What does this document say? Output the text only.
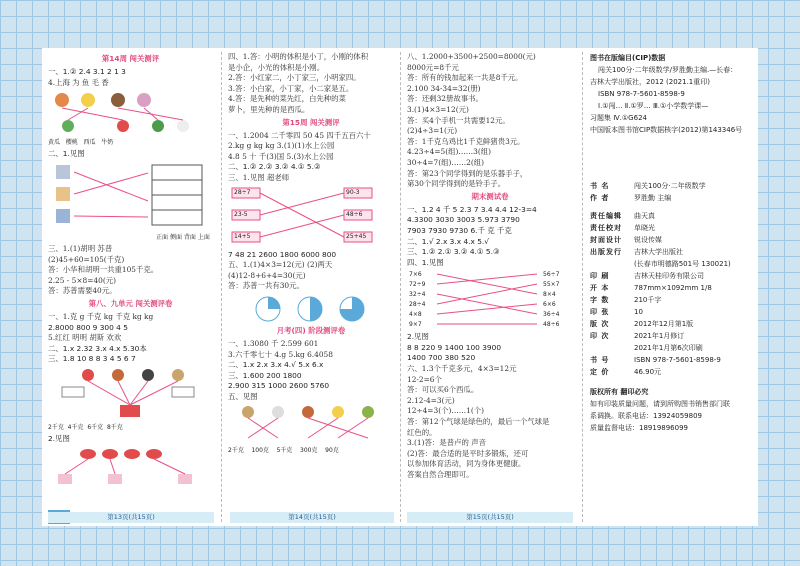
第14周 闯关测评
一、1.② 2.4 3.1 2 1 3
4.上海 为 鱼 毛 香
黄瓜 樱桃 西瓜 牛奶
二、1.见图
正面 侧面 背面 上面
三、1.(1)胡明 苏普
(2)45+60=105(千克)
答：小华和胡明一共重105千克。
2.25 - 5×8=40(元)
答：苏普需要40元。
第八、九单元 闯关测评卷
一、1.克 g 千克 kg 千克 kg kg
2.8000 800 9 300 4 5
5.红红 明明 胡斯 欢欢
二、1.x 2.32 3.x 4.x 5.30本
三、1.8 10 8 8 3 4 5 6 7
2千克 4千克 6千克 8千克
2.见图
四、1.答：小明的体积是小丁，小刚的体积
是小企，小光的体积是小刚。
2.答：小红家二，小丁家三，小明家四。
3.答：小白家，小丁家，小二家是五。
4.答：是先种的菜先红，白先种的菜
萝卜，里先种的是西瓜。
第15周 闯关测评
一、1.2004 二千零四 50 45 四千五百六十
2.kg g kg kg 3.(1)(1)水上公园
4.8 5 十 千(3)国 5.(3)水上公园
二、1.② 2.② 3.② 4.① 5.②
三、1.见图 超老师
28÷7
23-5
14+5
90-3
48÷6
25+45
7 48 21 2600 1800 6000 800
五、1.(1)4×3=12(元) (2)两天
(4)12-8+6+4=30(元)
答：苏普一共有30元。
月考(四) 阶段测评卷
一、1.3080 千 2.599 601
3.六千零七十 4.g 5.kg 6.4058
二、1.x 2.x 3.x 4.√ 5.x 6.x
三、1.600 200 1800
2.900 315 1000 2600 5760
五、见图
2千克 100克 5千克 300克 90克
八、1.2000+3500+2500=8000(元)
8000元=8千元
答：所有的钱加起来一共是8千元。
2.100 34-34=32(册)
答：还剩32册故事书。
3.(1)4×3=12(元)
答：买4个手机一共需要12元。
(2)4÷3=1(元)
答：1千克乌鸡比1千克鲜猪贵3元。
4.23÷4=5(组)……3(组)
30÷4=7(组)……2(组)
答：第23个同学得到的是乐器手子，
第30个同学得到的是铃手子。
期末测试卷
一、1.2 4 千 5 2.3 7 3.4 4.4 12-3=4
4.3300 3030 3003 5.973 3790
7903 7930 9730 6.千 克 千克
二、1.√ 2.x 3.x 4.x 5.√
三、1.② 2.① 3.② 4.① 5.③
四、1.见图
7×6
72÷9
32÷4
28÷4
4×8
9×7
56÷7
55×7
8×4
6×6
36÷4
48÷6
2.见图
8 8 220 9 1400 100 3900
1400 700 380 520
六、1.3个千克多元，4×3=12元
12-2=6个
答：可以买6个西瓜。
2.12-4=3(元)
12÷4=3(个)……1(个)
答：第12个气球是绿色的，最后一个气球是
红色的。
3.(1)答：是普卢的 声音
(2)答：最合适的是平时多锻炼，还可
以参加体育活动，同为身体更健康。
答案自然合理即可。
图书在版编目(CIP)数据
闯关100分·二年级数学/罗胜勤主编.—长春：
吉林大学出版社，2012 (2021.1重印)
ISBN 978-7-5601-8598-9
Ⅰ.①闯… Ⅱ.①罗… Ⅲ.①小学数学课—
习题集 Ⅳ.①G624
中国版本图书馆CIP数据核字(2012)第143346号
书 名	闯关100分·二年级数学
作 者	罗胜勤 主编
责任编辑 曲天真
责任校对 单晓光
封面设计 锐设传媒
出版发行 吉林大学出版社
(长春市明德路501号 130021)
印 刷	吉林天桂印务有限公司
开 本	787mm×1092mm 1/8
字 数	210千字
印 张	10
版 次	2012年12月第1版
印 次	2021年1月修订
2021年1月第6次印刷
书 号	ISBN 978-7-5601-8598-9
定 价	46.90元
版权所有 翻印必究
如有印装质量问题，请到所购图书销售部门联
系调换。联系电话：13924059809
质量监督电话：18919896099
第13页(共15页)	第14页(共15页)	第15页(共15页)
